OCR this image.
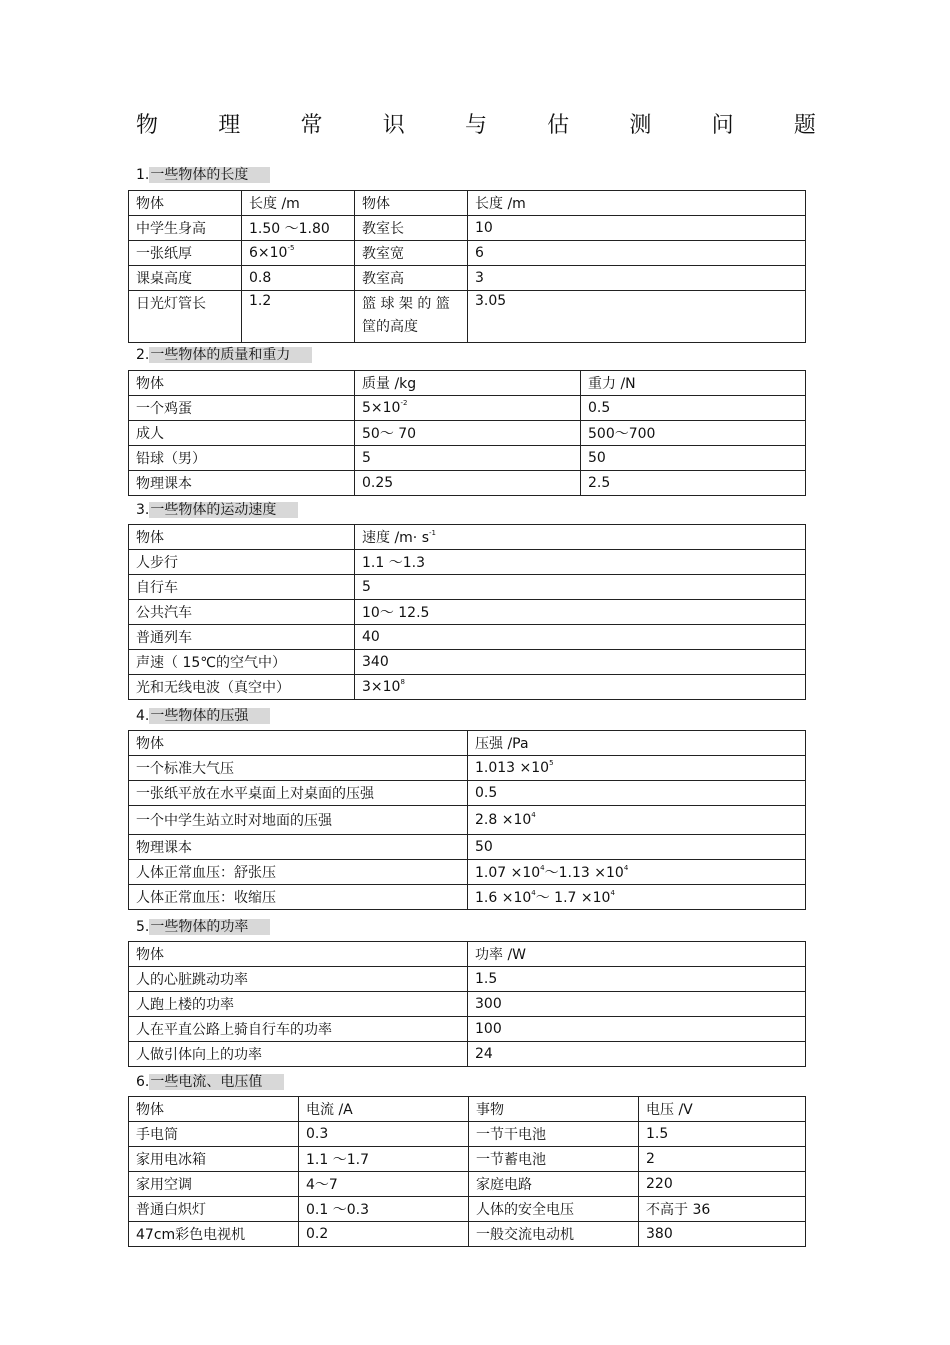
物	理	常	识	与	估	测	问	题
1.一些物体的长度
物体	长度 /m	物体	长度 /m
中学生身高	1.50 ～1.80	教室长	10
一张纸厚	$6\times 10^{-5}$	教室宽	6
课桌高度	0.8	教室高	3
日光灯管长	1.2	篮 球 架 的 篮 筐的高度	3.05
2.一些物体的质量和重力
物体	质量 /kg	重力 /N
一个鸡蛋	$5\times 10^{-2}$	0.5
成人	50～ 70	500～700
铅球（男）	5	50
物理课本	0.25	2.5
3.一些物体的运动速度
物体	速度 $/m\cdot s^{-1}$
人步行	1.1 ～1.3
自行车	5
公共汽车	10～ 12.5
普通列车	40
声速（ 15℃的空气中）	340
光和无线电波（真空中）	$3\times 10^8$
4.一些物体的压强
物体	压强 /Pa
一个标准大气压	$1.013 \times 10^5$
一张纸平放在水平桌面上对桌面的压强	0.5
一个中学生站立时对地面的压强	$2.8 \times 10^4$
物理课本	50
人体正常血压：舒张压	$1.07 \times 10^4\sim 1.13 \times 10^4$
人体正常血压：收缩压	$1.6 \times 10^4\sim$ $1.7 \times 10^4$
5.一些物体的功率
物体	功率 /W
人的心脏跳动功率	1.5
人跑上楼的功率	300
人在平直公路上骑自行车的功率	100
人做引体向上的功率	24
6.一些电流、电压值
物体	电流 /A	事物	电压 /V
手电筒	0.3	一节干电池	1.5
家用电冰箱	1.1 ～1.7	一节蓄电池	2
家用空调	4～7	家庭电路	220
普通白炽灯	0.1 ～0.3	人体的安全电压	不高于 36
47cm彩色电视机	0.2	一般交流电动机	380
